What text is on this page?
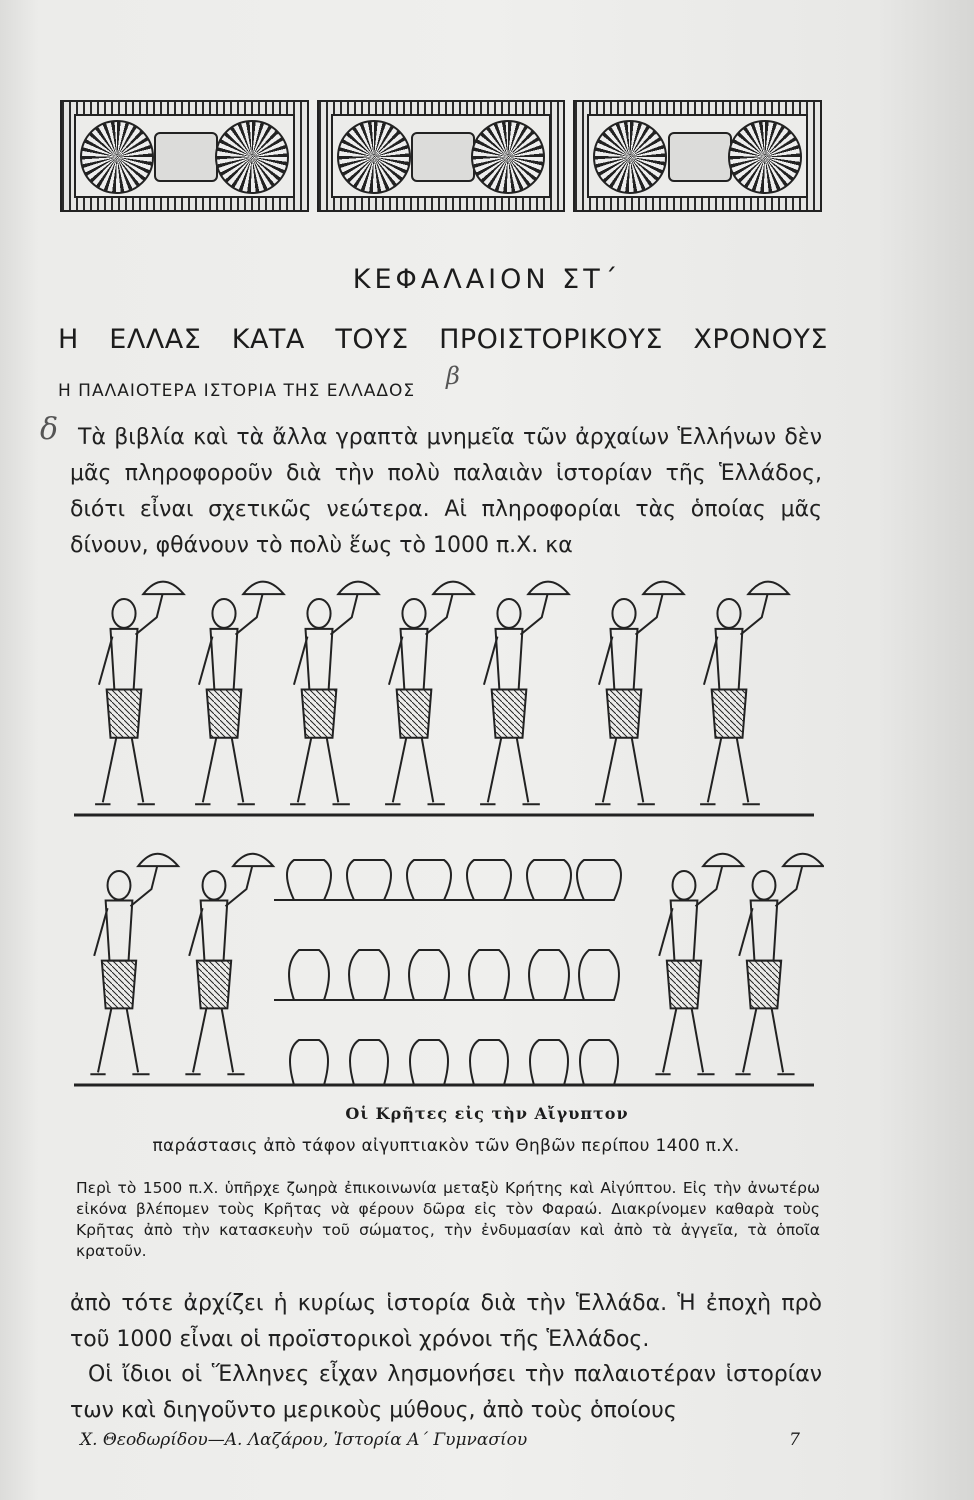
ΚΕΦΑΛΑΙΟΝ ΣΤ΄
Η ΕΛΛΑΣ ΚΑΤΑ ΤΟΥΣ ΠΡΟΙΣΤΟΡΙΚΟΥΣ ΧΡΟΝΟΥΣ
Η ΠΑΛΑΙΟΤΕΡΑ ΙΣΤΟΡΙΑ ΤΗΣ ΕΛΛΑΔΟΣ
β
δ Τὰ βιβλία καὶ τὰ ἄλλα γραπτὰ μνημεῖα τῶν ἀρχαίων Ἑλλήνων δὲν μᾶς πληροφοροῦν διὰ τὴν πολὺ παλαιὰν ἱστορίαν τῆς Ἑλλάδος, διότι εἶναι σχετικῶς νεώτερα. Αἱ πληροφορίαι τὰς ὁποίας μᾶς δίνουν, φθάνουν τὸ πολὺ ἕως τὸ 1000 π.Χ. κα

Οἱ Κρῆτες εἰς τὴν Αἴγυπτον
παράστασις ἀπὸ τάφον αἰγυπτιακὸν τῶν Θηβῶν περίπου 1400 π.Χ.

Περὶ τὸ 1500 π.Χ. ὑπῆρχε ζωηρὰ ἐπικοινωνία μεταξὺ Κρήτης καὶ Αἰγύπτου. Εἰς τὴν ἀνωτέρω εἰκόνα βλέπομεν τοὺς Κρῆτας νὰ φέρουν δῶρα εἰς τὸν Φαραώ. Διακρίνομεν καθαρὰ τοὺς Κρῆτας ἀπὸ τὴν κατασκευὴν τοῦ σώματος, τὴν ἐνδυμασίαν καὶ ἀπὸ τὰ ἀγγεῖα, τὰ ὁποῖα κρατοῦν.

ἀπὸ τότε ἀρχίζει ἡ κυρίως ἱστορία διὰ τὴν Ἑλλάδα. Ἡ ἐποχὴ πρὸ τοῦ 1000 εἶναι οἱ προϊστορικοὶ χρόνοι τῆς Ἑλλάδος.

Οἱ ἴδιοι οἱ Ἕλληνες εἶχαν λησμονήσει τὴν παλαιοτέραν ἱστορίαν των καὶ διηγοῦντο μερικοὺς μύθους, ἀπὸ τοὺς ὁποίους

Χ. Θεοδωρίδου—Α. Λαζάρου, Ἱστορία Α΄ Γυμνασίου	7
